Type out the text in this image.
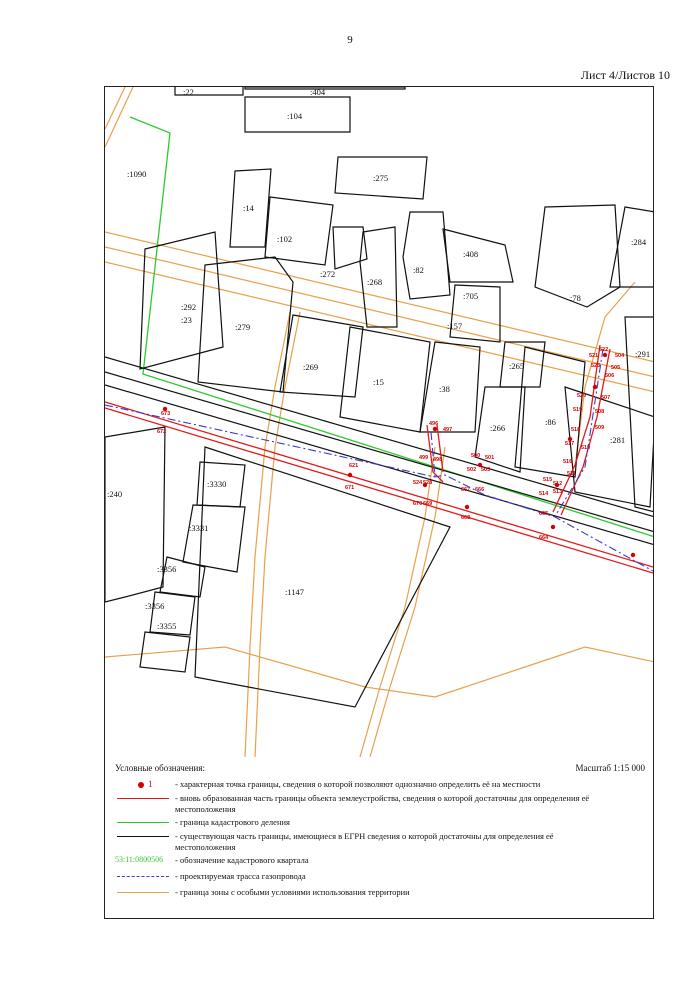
9
Лист 4/Листов 10
:22	:404
:104
:1090	:275
:14
:102
:408
:284
:272
:268
:82
:705	:78
:292
:23
:279	:157
:291
:269
:15
:38
:265
:266
:86
:281
:240
:3330
:3331
:3356
:3356
:3355
:1147
673
672
621
671
496
497
499 498
524 528
670 669
500 501
502 503
667 666
668
515
514 513
512
511
516
517
518
519
510
509
520
521
522
523
504
505
506
507
508
665
664
Условные обозначения:	Масштаб 1:15 000
1	- характерная точка границы, сведения о которой позволяют однозначно определить её на местности
- вновь образованная часть границы объекта землеустройства, сведения о которой достаточны для определения её местоположения
- граница кадастрового деления
- существующая часть границы, имеющиеся в ЕГРН сведения о которой достаточны для определения её местоположения
53:11:0800506 - обозначение кадастрового квартала
- проектируемая трасса газопровода
- граница зоны с особыми условиями использования территории
